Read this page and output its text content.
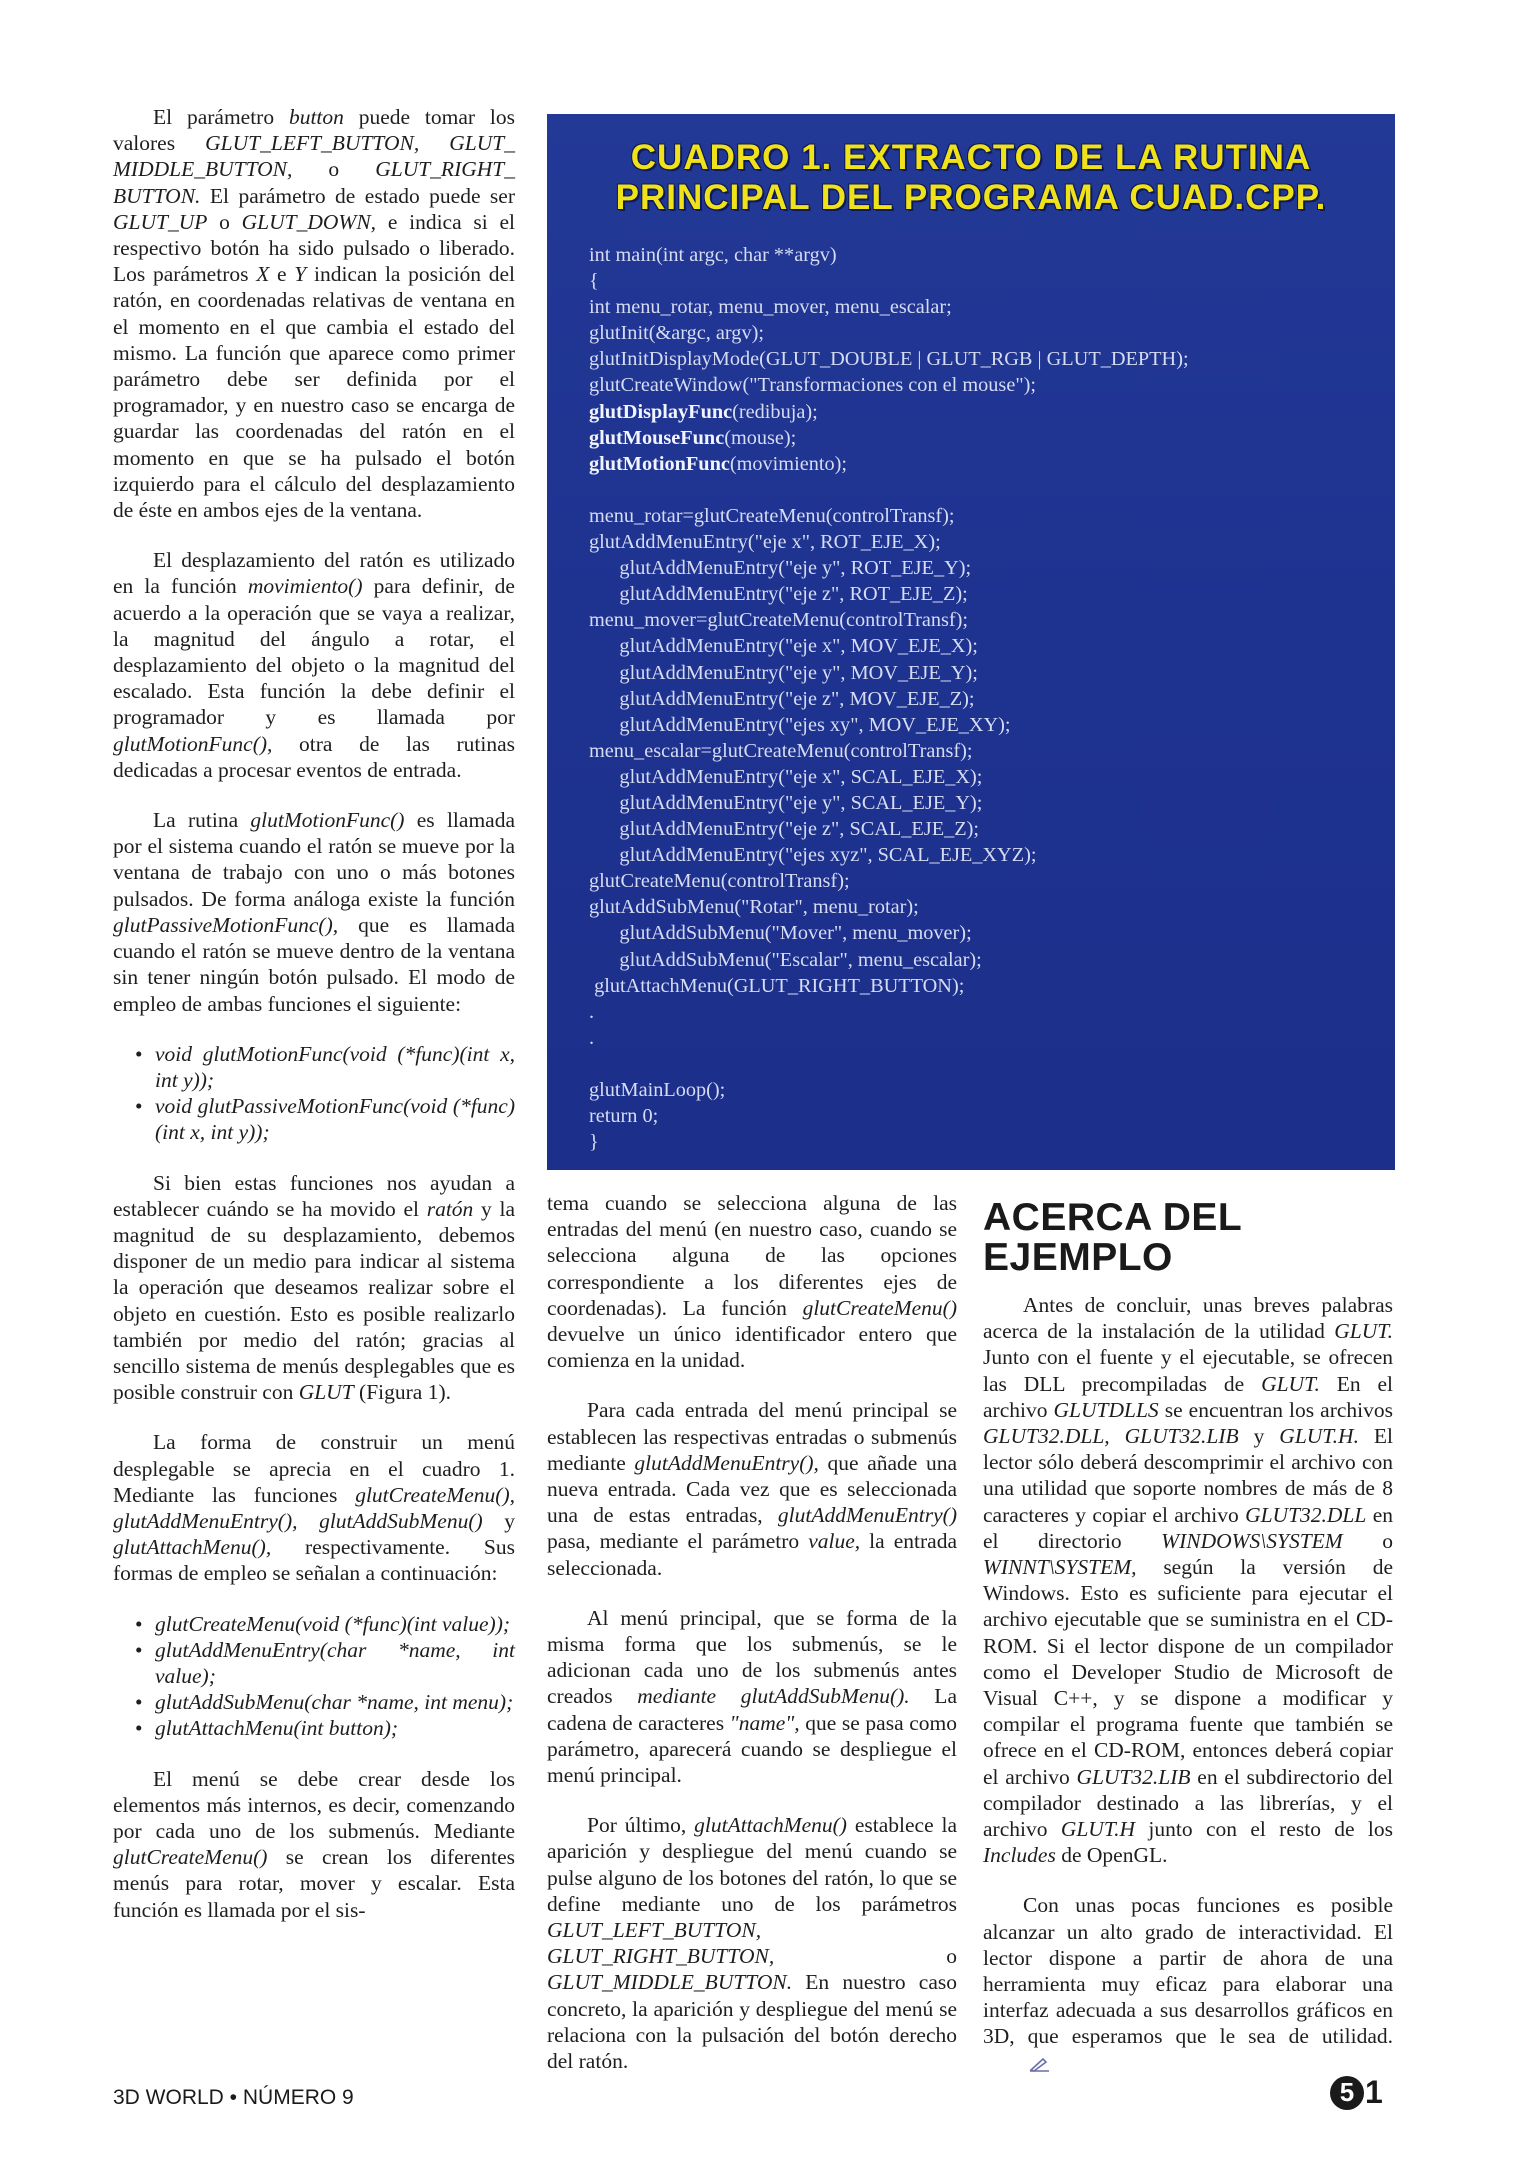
El parámetro button puede tomar los valores GLUT_LEFT_BUTTON, GLUT_ MIDDLE_BUTTON, o GLUT_RIGHT_ BUTTON. El parámetro de estado puede ser GLUT_UP o GLUT_DOWN, e indica si el respectivo botón ha sido pulsado o liberado. Los parámetros X e Y indican la posición del ratón, en coordenadas relativas de ventana en el momento en el que cambia el estado del mismo. La función que aparece como primer parámetro debe ser definida por el programador, y en nuestro caso se encarga de guardar las coordenadas del ratón en el momento en que se ha pulsado el botón izquierdo para el cálculo del desplazamiento de éste en ambos ejes de la ventana.

El desplazamiento del ratón es utilizado en la función movimiento() para definir, de acuerdo a la operación que se vaya a realizar, la magnitud del ángulo a rotar, el desplazamiento del objeto o la magnitud del escalado. Esta función la debe definir el programador y es llamada por glutMotionFunc(), otra de las rutinas dedicadas a procesar eventos de entrada.

La rutina glutMotionFunc() es llamada por el sistema cuando el ratón se mueve por la ventana de trabajo con uno o más botones pulsados. De forma análoga existe la función glutPassiveMotionFunc(), que es llamada cuando el ratón se mueve dentro de la ventana sin tener ningún botón pulsado. El modo de empleo de ambas funciones el siguiente:

• void glutMotionFunc(void (*func)(int x, int y));
• void glutPassiveMotionFunc(void (*func)(int x, int y));

Si bien estas funciones nos ayudan a establecer cuándo se ha movido el ratón y la magnitud de su desplazamiento, debemos disponer de un medio para indicar al sistema la operación que deseamos realizar sobre el objeto en cuestión. Esto es posible realizarlo también por medio del ratón; gracias al sencillo sistema de menús desplegables que es posible construir con GLUT (Figura 1).

La forma de construir un menú desplegable se aprecia en el cuadro 1. Mediante las funciones glutCreateMenu(), glutAddMenuEntry(), glutAddSubMenu() y glutAttachMenu(), respectivamente. Sus formas de empleo se señalan a continuación:

• glutCreateMenu(void (*func)(int value));
• glutAddMenuEntry(char *name, int value);
• glutAddSubMenu(char *name, int menu);
• glutAttachMenu(int button);

El menú se debe crear desde los elementos más internos, es decir, comenzando por cada uno de los submenús. Mediante glutCreateMenu() se crean los diferentes menús para rotar, mover y escalar. Esta función es llamada por el sis-

CUADRO 1. EXTRACTO DE LA RUTINA
PRINCIPAL DEL PROGRAMA CUAD.CPP.
int main(int argc, char **argv)
{
int menu_rotar, menu_mover, menu_escalar;
glutInit(&argc, argv);
glutInitDisplayMode(GLUT_DOUBLE | GLUT_RGB | GLUT_DEPTH);
glutCreateWindow("Transformaciones con el mouse");
glutDisplayFunc(redibuja);
glutMouseFunc(mouse);
glutMotionFunc(movimiento);
menu_rotar=glutCreateMenu(controlTransf);
glutAddMenuEntry("eje x", ROT_EJE_X);
glutAddMenuEntry("eje y", ROT_EJE_Y);
glutAddMenuEntry("eje z", ROT_EJE_Z);
menu_mover=glutCreateMenu(controlTransf);
glutAddMenuEntry("eje x", MOV_EJE_X);
glutAddMenuEntry("eje y", MOV_EJE_Y);
glutAddMenuEntry("eje z", MOV_EJE_Z);
glutAddMenuEntry("ejes xy", MOV_EJE_XY);
menu_escalar=glutCreateMenu(controlTransf);
glutAddMenuEntry("eje x", SCAL_EJE_X);
glutAddMenuEntry("eje y", SCAL_EJE_Y);
glutAddMenuEntry("eje z", SCAL_EJE_Z);
glutAddMenuEntry("ejes xyz", SCAL_EJE_XYZ);
glutCreateMenu(controlTransf);
glutAddSubMenu("Rotar", menu_rotar);
glutAddSubMenu("Mover", menu_mover);
glutAddSubMenu("Escalar", menu_escalar);
glutAttachMenu(GLUT_RIGHT_BUTTON);
.
.
glutMainLoop();
return 0;
}

tema cuando se selecciona alguna de las entradas del menú (en nuestro caso, cuando se selecciona alguna de las opciones correspondiente a los diferentes ejes de coordenadas). La función glutCreateMenu() devuelve un único identificador entero que comienza en la unidad.

Para cada entrada del menú principal se establecen las respectivas entradas o submenús mediante glutAddMenuEntry(), que añade una nueva entrada. Cada vez que es seleccionada una de estas entradas, glutAddMenuEntry() pasa, mediante el parámetro value, la entrada seleccionada.

Al menú principal, que se forma de la misma forma que los submenús, se le adicionan cada uno de los submenús antes creados mediante glutAddSubMenu(). La cadena de caracteres "name", que se pasa como parámetro, aparecerá cuando se despliegue el menú principal.

Por último, glutAttachMenu() establece la aparición y despliegue del menú cuando se pulse alguno de los botones del ratón, lo que se define mediante uno de los parámetros GLUT_LEFT_BUTTON, GLUT_RIGHT_BUTTON, o GLUT_MIDDLE_BUTTON. En nuestro caso concreto, la aparición y despliegue del menú se relaciona con la pulsación del botón derecho del ratón.

ACERCA DEL
EJEMPLO

Antes de concluir, unas breves palabras acerca de la instalación de la utilidad GLUT. Junto con el fuente y el ejecutable, se ofrecen las DLL precompiladas de GLUT. En el archivo GLUTDLLS se encuentran los archivos GLUT32.DLL, GLUT32.LIB y GLUT.H. El lector sólo deberá descomprimir el archivo con una utilidad que soporte nombres de más de 8 caracteres y copiar el archivo GLUT32.DLL en el directorio WINDOWS\SYSTEM o WINNT\SYSTEM, según la versión de Windows. Esto es suficiente para ejecutar el archivo ejecutable que se suministra en el CD-ROM. Si el lector dispone de un compilador como el Developer Studio de Microsoft de Visual C++, y se dispone a modificar y compilar el programa fuente que también se ofrece en el CD-ROM, entonces deberá copiar el archivo GLUT32.LIB en el subdirectorio del compilador destinado a las librerías, y el archivo GLUT.H junto con el resto de los Includes de OpenGL.

Con unas pocas funciones es posible alcanzar un alto grado de interactividad. El lector dispone a partir de ahora de una herramienta muy eficaz para elaborar una interfaz adecuada a sus desarrollos gráficos en 3D, que esperamos que le sea de utilidad.

3D WORLD • NÚMERO 9	5 1
